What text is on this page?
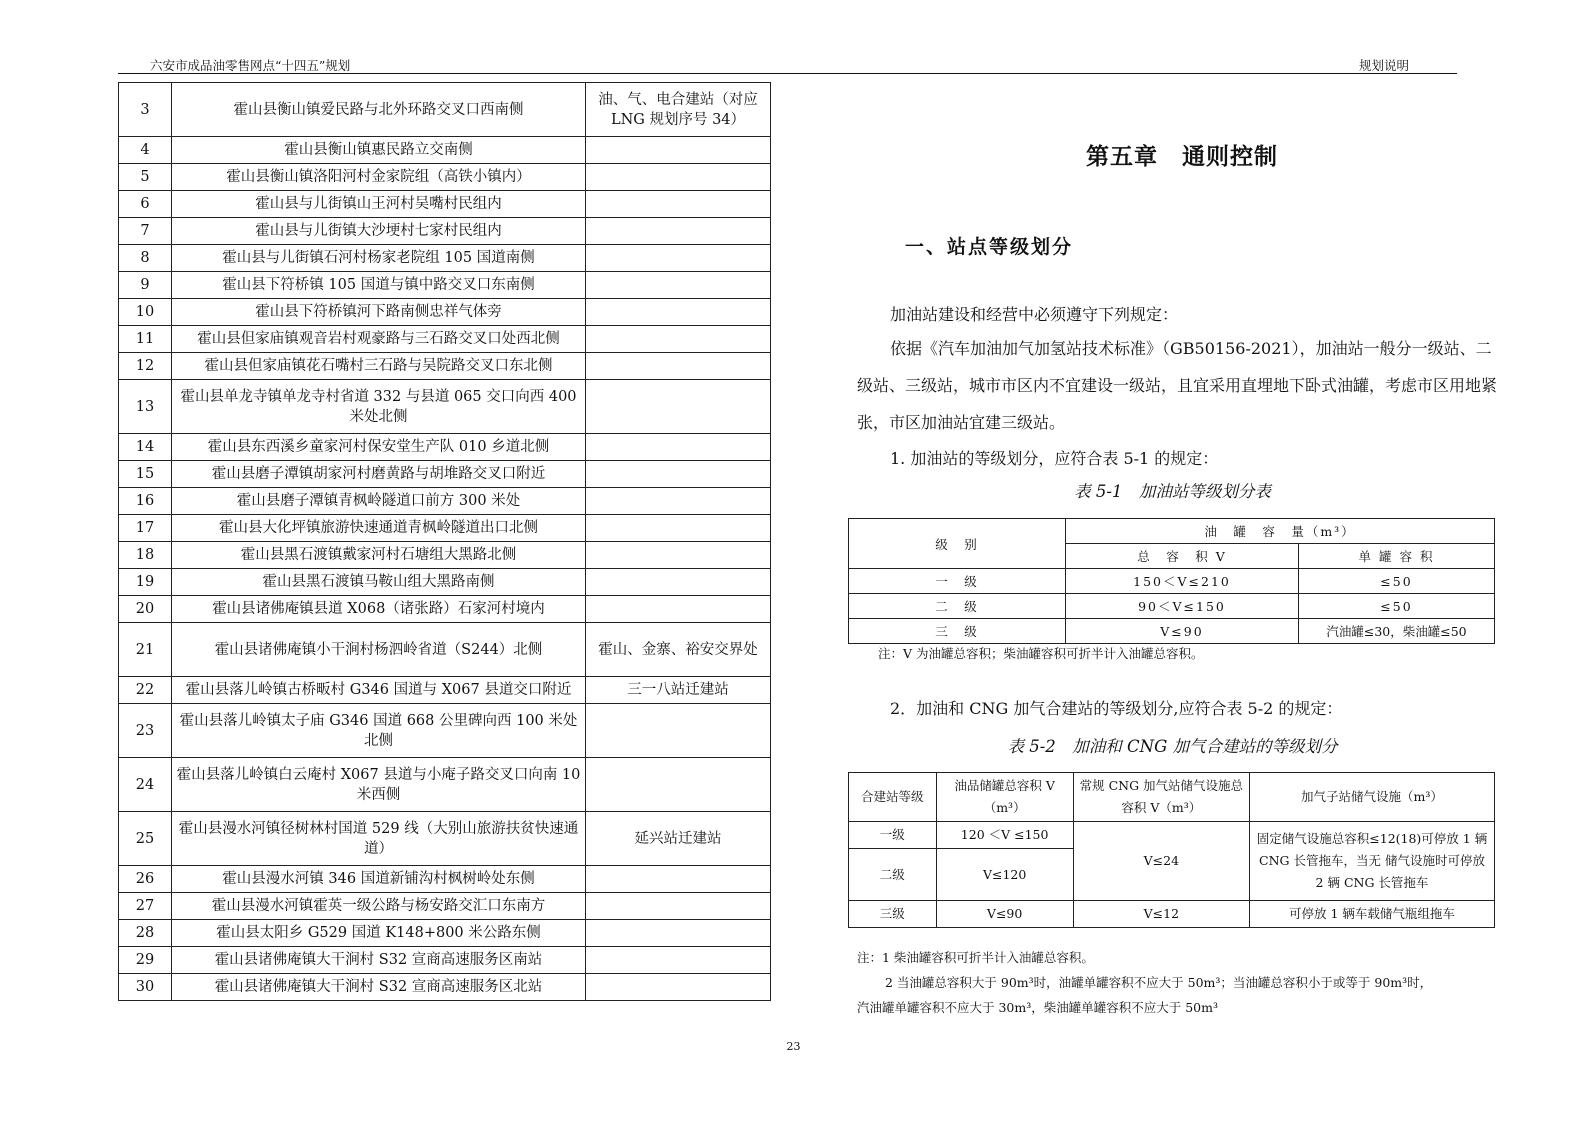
六安市成品油零售网点“十四五”规划	规划说明
3	霍山县衡山镇爱民路与北外环路交叉口西南侧	油、气、电合建站（对应LNG 规划序号 34）
4	霍山县衡山镇惠民路立交南侧	
5	霍山县衡山镇洛阳河村金家院组（高铁小镇内）	
6	霍山县与儿街镇山王河村吴嘴村民组内	
7	霍山县与儿街镇大沙埂村七家村民组内	
8	霍山县与儿街镇石河村杨家老院组 105 国道南侧	
9	霍山县下符桥镇 105 国道与镇中路交叉口东南侧	
10	霍山县下符桥镇河下路南侧忠祥气体旁	
11	霍山县但家庙镇观音岩村观豪路与三石路交叉口处西北侧	
12	霍山县但家庙镇花石嘴村三石路与吴院路交叉口东北侧	
13	霍山县单龙寺镇单龙寺村省道 332 与县道 065 交口向西 400 米处北侧	
14	霍山县东西溪乡童家河村保安堂生产队 010 乡道北侧	
15	霍山县磨子潭镇胡家河村磨黄路与胡堆路交叉口附近	
16	霍山县磨子潭镇青枫岭隧道口前方 300 米处	
17	霍山县大化坪镇旅游快速通道青枫岭隧道出口北侧	
18	霍山县黑石渡镇戴家河村石塘组大黑路北侧	
19	霍山县黑石渡镇马鞍山组大黑路南侧	
20	霍山县诸佛庵镇县道 X068（诸张路）石家河村境内	
21	霍山县诸佛庵镇小干涧村杨泗岭省道（S244）北侧	霍山、金寨、裕安交界处
22	霍山县落儿岭镇古桥畈村 G346 国道与 X067 县道交口附近	三一八站迁建站
23	霍山县落儿岭镇太子庙 G346 国道 668 公里碑向西 100 米处北侧	
24	霍山县落儿岭镇白云庵村 X067 县道与小庵子路交叉口向南 10 米西侧	
25	霍山县漫水河镇径树林村国道 529 线（大别山旅游扶贫快速通道）	延兴站迁建站
26	霍山县漫水河镇 346 国道新铺沟村枫树岭处东侧	
27	霍山县漫水河镇霍英一级公路与杨安路交汇口东南方	
28	霍山县太阳乡 G529 国道 K148+800 米公路东侧	
29	霍山县诸佛庵镇大干涧村 S32 宣商高速服务区南站	
30	霍山县诸佛庵镇大干涧村 S32 宣商高速服务区北站	
第五章　通则控制
一、站点等级划分
加油站建设和经营中必须遵守下列规定：
依据《汽车加油加气加氢站技术标准》（GB50156-2021），加油站一般分一级站、二级站、三级站，城市市区内不宜建设一级站，且宜采用直埋地下卧式油罐，考虑市区用地紧张，市区加油站宜建三级站。
1. 加油站的等级划分，应符合表 5-1 的规定：
表 5-1　加油站等级划分表
级　别	油　罐　容　量（m³）	
	总　容　积 V	单 罐 容 积
一　级	150＜V≤210	≤50
二　级	90＜V≤150	≤50
三　级	V≤90	汽油罐≤30，柴油罐≤50
注：V 为油罐总容积；柴油罐容积可折半计入油罐总容积。
2．加油和 CNG 加气合建站的等级划分,应符合表 5-2 的规定：
表 5-2　加油和 CNG 加气合建站的等级划分
合建站等级	油品储罐总容积 V（m³）	常规 CNG 加气站储气设施总容积 V（m³）	加气子站储气设施（m³）
一级	120 ＜V ≤150	V≤24	固定储气设施总容积≤12(18)可停放 1 辆 CNG 长管拖车，当无 储气设施时可停放 2 辆 CNG 长管拖车
二级	V≤120		
三级	V≤90	V≤12	可停放 1 辆车载储气瓶组拖车
注：1 柴油罐容积可折半计入油罐总容积。
2 当油罐总容积大于 90m³时，油罐单罐容积不应大于 50m³；当油罐总容积小于或等于 90m³时，
汽油罐单罐容积不应大于 30m³，柴油罐单罐容积不应大于 50m³
23
